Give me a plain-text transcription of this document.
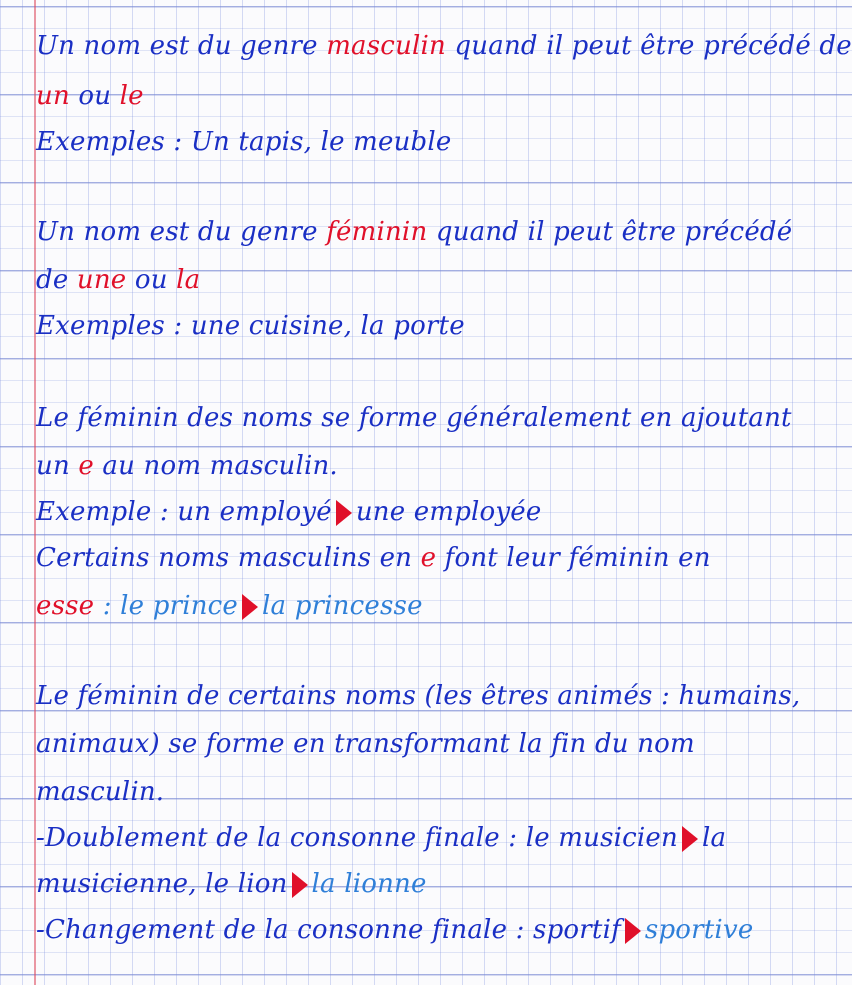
Un nom est du genre masculin quand il peut être précédé de
un ou le
Exemples : Un tapis, le meuble
Un nom est du genre féminin quand il peut être précédé
de une ou la
Exemples : une cuisine, la porte
Le féminin des noms se forme généralement en ajoutant
un e au nom masculin.
Exemple : un employé une employée
Certains noms masculins en e font leur féminin en
esse : le prince la princesse
Le féminin de certains noms (les êtres animés : humains,
animaux) se forme en transformant la fin du nom
masculin.
-Doublement de la consonne finale : le musicien la
musicienne, le lion la lionne
-Changement de la consonne finale : sportif sportive
